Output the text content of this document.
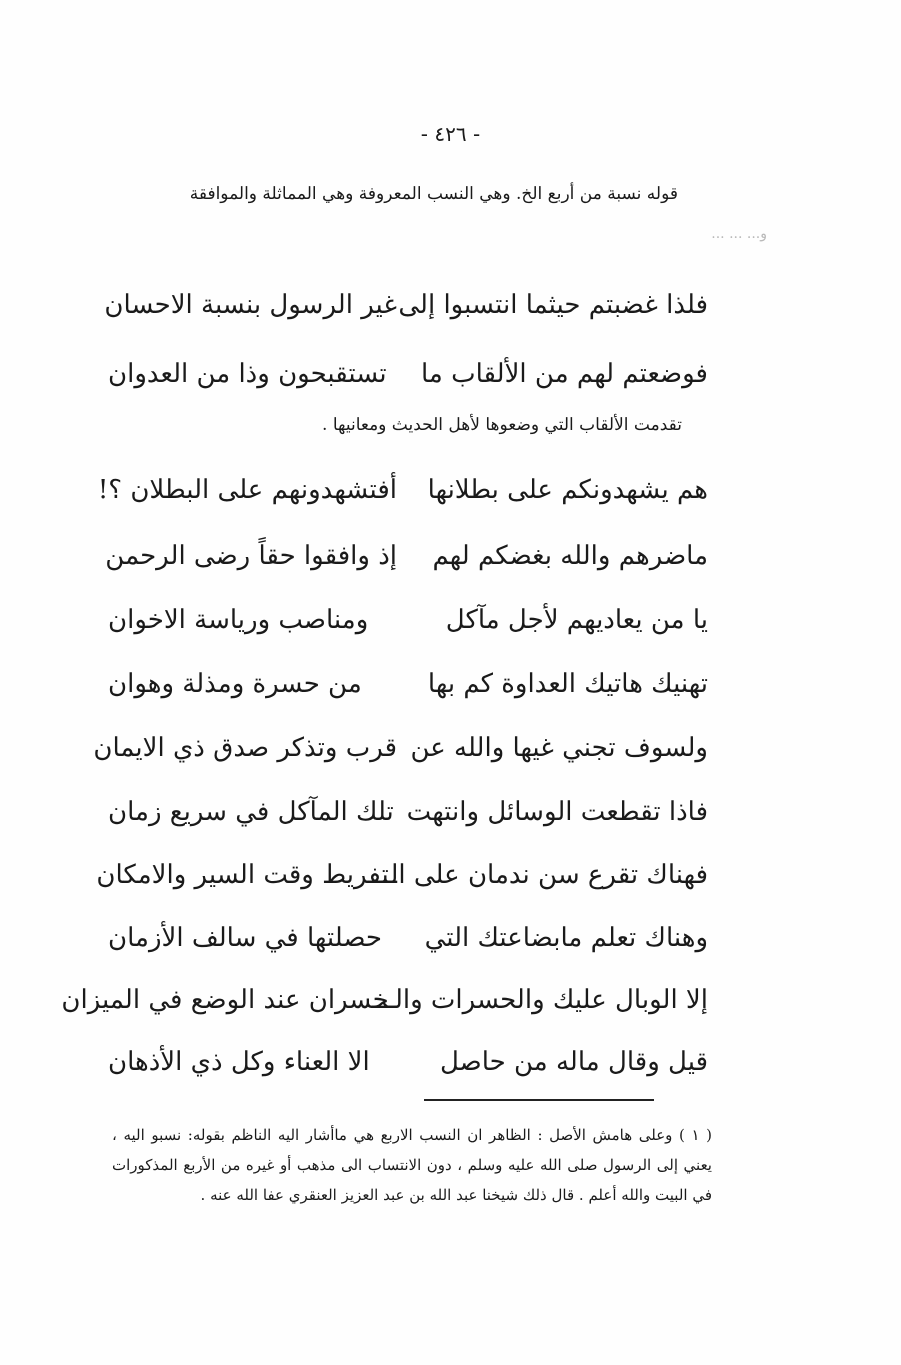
- ٤٢٦ -
قوله نسبة من أربع الخ. وهي النسب المعروفة وهي المماثلة والموافقة
و... ... ...
فلذا غضبتم حيثما انتسبوا إلى
غير الرسول بنسبة الاحسان
فوضعتم لهم من الألقاب ما
تستقبحون وذا من العدوان
تقدمت الألقاب التي وضعوها لأهل الحديث ومعانيها .
هم يشهدونكم على بطلانها
أفتشهدونهم على البطلان ؟!
ماضرهم والله بغضكم لهم
إذ وافقوا حقاً رضى الرحمن
يا من يعاديهم لأجل مآكل
ومناصب ورياسة الاخوان
تهنيك هاتيك العداوة كم بها
من حسرة ومذلة وهوان
ولسوف تجني غيها والله عن
قرب وتذكر صدق ذي الايمان
فاذا تقطعت الوسائل وانتهت
تلك المآكل في سريع زمان
فهناك تقرع سن ندمان على الـــ
ـتفريط وقت السير والامكان
وهناك تعلم مابضاعتك التي
حصلتها في سالف الأزمان
إلا الوبال عليك والحسرات والـــ
ـخسران عند الوضع في الميزان
قيل وقال ماله من حاصل
الا العناء وكل ذي الأذهان
( ١ ) وعلى هامش الأصل : الظاهر ان النسب الاربع هي ماأشار اليه الناظم بقوله: نسبو اليه ، يعني إلى الرسول صلى الله عليه وسلم ، دون الانتساب الى مذهب أو غيره من الأربع المذكورات في البيت والله أعلم . قال ذلك شيخنا عبد الله بن عبد العزيز العنقري عفا الله عنه .
